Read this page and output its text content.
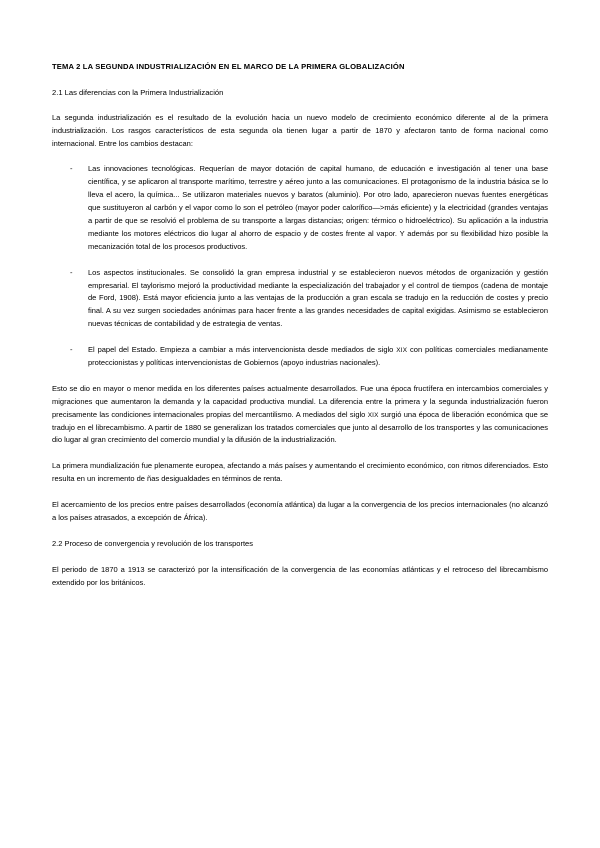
TEMA 2 LA SEGUNDA INDUSTRIALIZACIÓN EN EL MARCO DE LA PRIMERA GLOBALIZACIÓN
2.1 Las diferencias con la Primera Industrialización

La segunda industrialización es el resultado de la evolución hacia un nuevo modelo de crecimiento económico diferente al de la primera industrialización. Los rasgos característicos de esta segunda ola tienen lugar a partir de 1870 y afectaron tanto de forma nacional como internacional. Entre los cambios destacan:

- Las innovaciones tecnológicas. Requerían de mayor dotación de capital humano, de educación e investigación al tener una base científica, y se aplicaron al transporte marítimo, terrestre y aéreo junto a las comunicaciones. El protagonismo de la industria básica se lo lleva el acero, la química... Se utilizaron materiales nuevos y baratos (aluminio). Por otro lado, aparecieron nuevas fuentes energéticas que sustituyeron al carbón y el vapor como lo son el petróleo (mayor poder calorífico—>más eficiente) y la electricidad (grandes ventajas a partir de que se resolvió el problema de su transporte a largas distancias; origen: térmico o hidroeléctrico). Su aplicación a la industria mediante los motores eléctricos dio lugar al ahorro de espacio y de costes frente al vapor. Y además por su flexibilidad hizo posible la mecanización total de los procesos productivos.
- Los aspectos institucionales. Se consolidó la gran empresa industrial y se establecieron nuevos métodos de organización y gestión empresarial. El taylorismo mejoró la productividad mediante la especialización del trabajador y el control de tiempos (cadena de montaje de Ford, 1908). Está mayor eficiencia junto a las ventajas de la producción a gran escala se tradujo en la reducción de costes y precio final. A su vez surgen sociedades anónimas para hacer frente a las grandes necesidades de capital exigidas. Asimismo se establecieron nuevas técnicas de contabilidad y de estrategia de ventas.
- El papel del Estado. Empieza a cambiar a más intervencionista desde mediados de siglo XIX con políticas comerciales medianamente proteccionistas y políticas intervencionistas de Gobiernos (apoyo industrias nacionales).

Esto se dio en mayor o menor medida en los diferentes países actualmente desarrollados. Fue una época fructífera en intercambios comerciales y migraciones que aumentaron la demanda y la capacidad productiva mundial. La diferencia entre la primera y la segunda industrialización fueron precisamente las condiciones internacionales propias del mercantilismo. A mediados del siglo XIX surgió una época de liberación económica que se tradujo en el librecambismo. A partir de 1880 se generalizan los tratados comerciales que junto al desarrollo de los transportes y las comunicaciones dio lugar al gran crecimiento del comercio mundial y la difusión de la industrialización.

La primera mundialización fue plenamente europea, afectando a más países y aumentando el crecimiento económico, con ritmos diferenciados. Esto resulta en un incremento de ñas desigualdades en términos de renta.

El acercamiento de los precios entre países desarrollados (economía atlántica) da lugar a la convergencia de los precios internacionales (no alcanzó a los países atrasados, a excepción de África).

2.2 Proceso de convergencia y revolución de los transportes

El periodo de 1870 a 1913 se caracterizó por la intensificación de la convergencia de las economías atlánticas y el retroceso del librecambismo extendido por los británicos.
